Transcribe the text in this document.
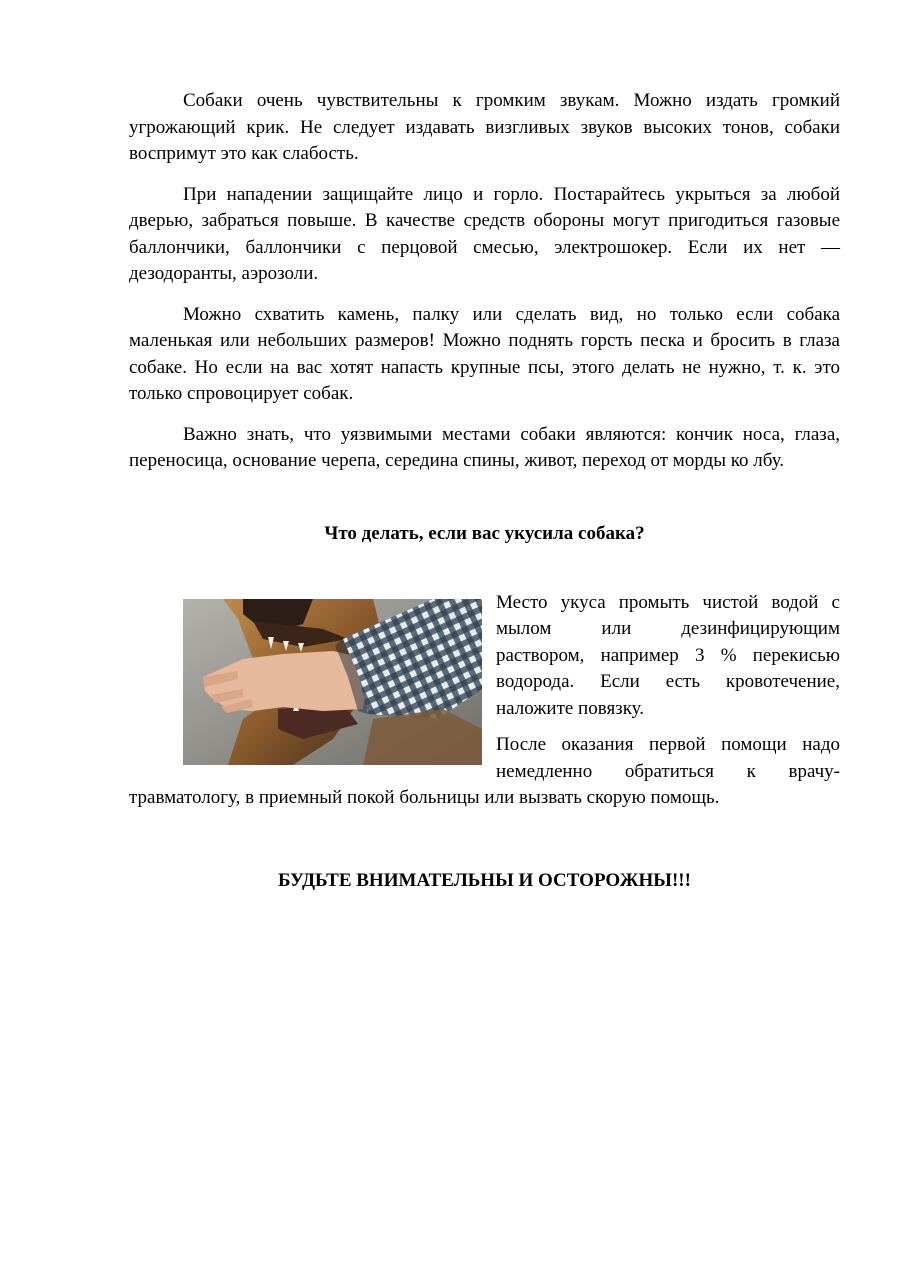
Собаки очень чувствительны к громким звукам. Можно издать громкий угрожающий крик. Не следует издавать визгливых звуков высоких тонов, собаки воспримут это как слабость.

При нападении защищайте лицо и горло. Постарайтесь укрыться за любой дверью, забраться повыше. В качестве средств обороны могут пригодиться газовые баллончики, баллончики с перцовой смесью, электрошокер. Если их нет — дезодоранты, аэрозоли.

Можно схватить камень, палку или сделать вид, но только если собака маленькая или небольших размеров! Можно поднять горсть песка и бросить в глаза собаке. Но если на вас хотят напасть крупные псы, этого делать не нужно, т. к. это только спровоцирует собак.

Важно знать, что уязвимыми местами собаки являются: кончик носа, глаза, переносица, основание черепа, середина спины, живот, переход от морды ко лбу.

Что делать, если вас укусила собака?

Место укуса промыть чистой водой с мылом или дезинфицирующим раствором, например 3 % перекисью водорода. Если есть кровотечение, наложите повязку.

После оказания первой помощи надо немедленно обратиться к врачу-травматологу, в приемный покой больницы или вызвать скорую помощь.

БУДЬТЕ ВНИМАТЕЛЬНЫ И ОСТОРОЖНЫ!!!
